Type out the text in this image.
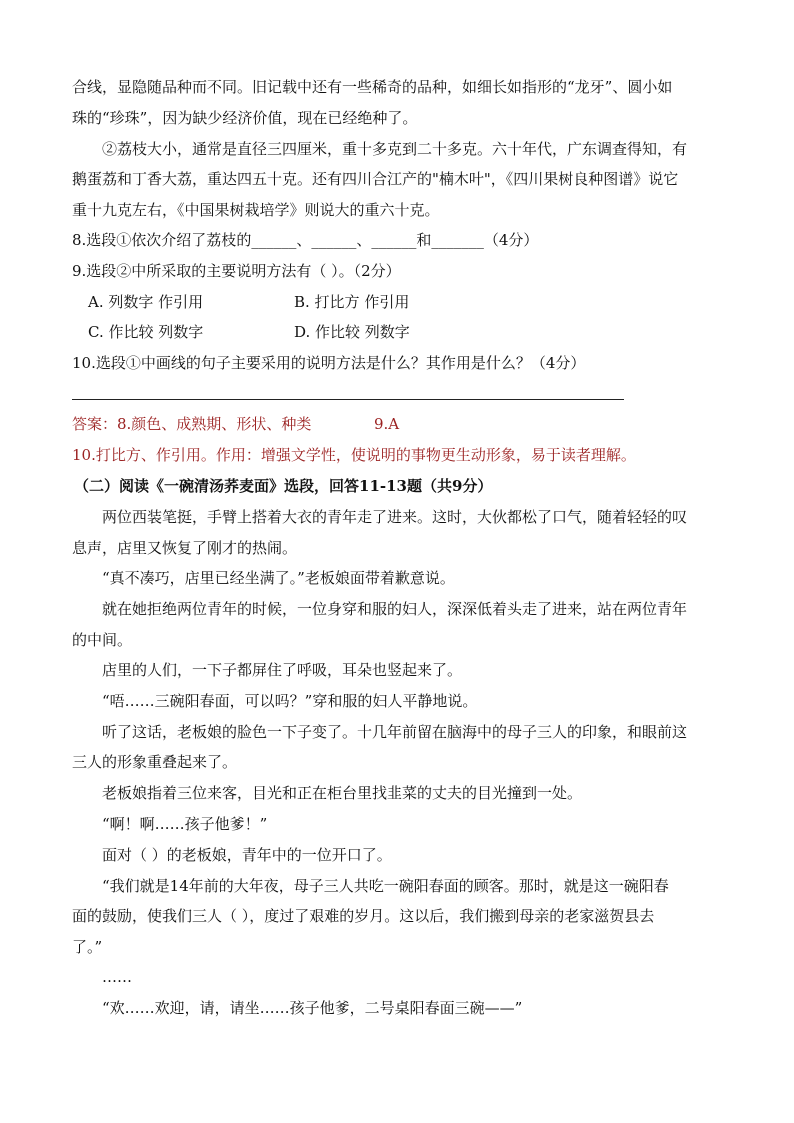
合线，显隐随品种而不同。旧记载中还有一些稀奇的品种，如细长如指形的“龙牙”、圆小如
珠的“珍珠”，因为缺少经济价值，现在已经绝种了。
②荔枝大小，通常是直径三四厘米，重十多克到二十多克。六十年代，广东调查得知，有
鹅蛋荔和丁香大荔，重达四五十克。还有四川合江产的"楠木叶"，《四川果树良种图谱》说它
重十九克左右，《中国果树栽培学》则说大的重六十克。
8.选段①依次介绍了荔枝的______、______、______和_______（4分）
9.选段②中所采取的主要说明方法有（ ）。（2分）
A. 列数字 作引用	B. 打比方 作引用
C. 作比较 列数字	D. 作比较 列数字
10.选段①中画线的句子主要采用的说明方法是什么？其作用是什么？（4分）
答案：8.颜色、成熟期、形状、种类	9.A
10.打比方、作引用。作用：增强文学性，使说明的事物更生动形象，易于读者理解。
（二）阅读《一碗清汤荞麦面》选段，回答11-13题（共9分）
两位西装笔挺，手臂上搭着大衣的青年走了进来。这时，大伙都松了口气，随着轻轻的叹
息声，店里又恢复了刚才的热闹。
“真不凑巧，店里已经坐满了。”老板娘面带着歉意说。
就在她拒绝两位青年的时候，一位身穿和服的妇人，深深低着头走了进来，站在两位青年
的中间。
店里的人们，一下子都屏住了呼吸，耳朵也竖起来了。
“唔……三碗阳春面，可以吗？”穿和服的妇人平静地说。
听了这话，老板娘的脸色一下子变了。十几年前留在脑海中的母子三人的印象，和眼前这
三人的形象重叠起来了。
老板娘指着三位来客，目光和正在柜台里找韭菜的丈夫的目光撞到一处。
“啊！啊……孩子他爹！”
面对（ ）的老板娘，青年中的一位开口了。
“我们就是14年前的大年夜，母子三人共吃一碗阳春面的顾客。那时，就是这一碗阳春
面的鼓励，使我们三人（ ），度过了艰难的岁月。这以后，我们搬到母亲的老家滋贺县去
了。”
……
“欢……欢迎，请，请坐……孩子他爹，二号桌阳春面三碗——”
